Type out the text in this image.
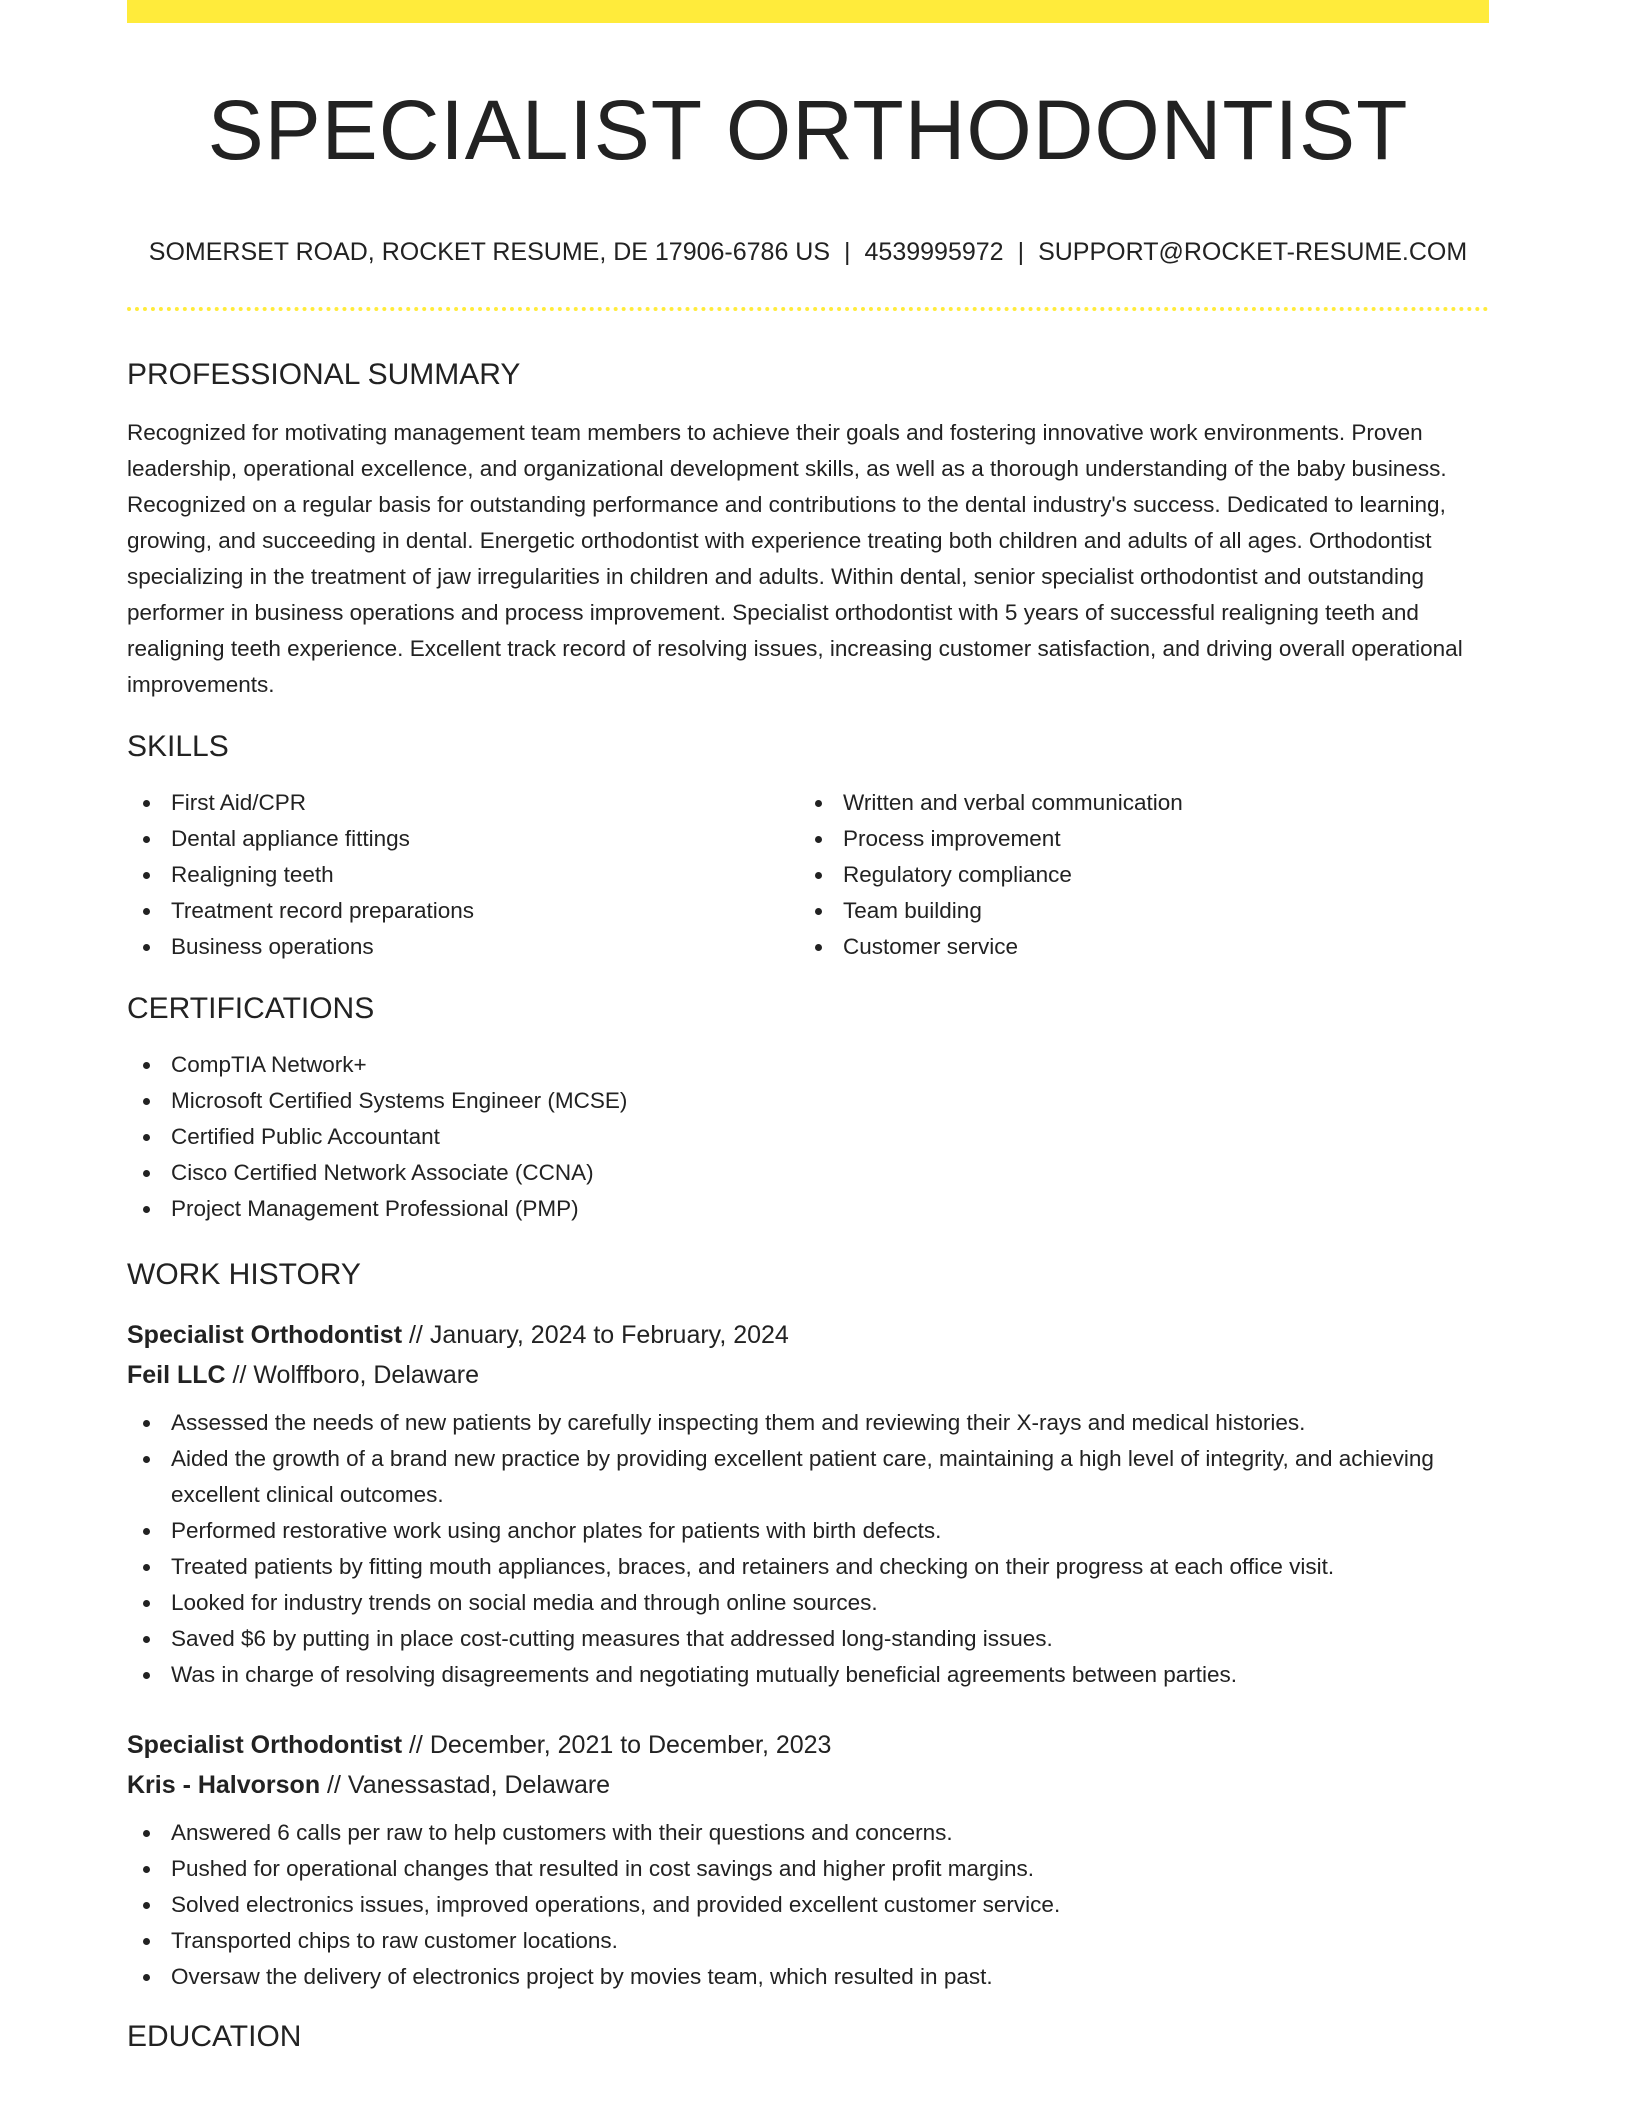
SPECIALIST ORTHODONTIST
SOMERSET ROAD, ROCKET RESUME, DE 17906-6786 US | 4539995972 | SUPPORT@ROCKET-RESUME.COM
PROFESSIONAL SUMMARY
Recognized for motivating management team members to achieve their goals and fostering innovative work environments. Proven leadership, operational excellence, and organizational development skills, as well as a thorough understanding of the baby business. Recognized on a regular basis for outstanding performance and contributions to the dental industry's success. Dedicated to learning, growing, and succeeding in dental. Energetic orthodontist with experience treating both children and adults of all ages. Orthodontist specializing in the treatment of jaw irregularities in children and adults. Within dental, senior specialist orthodontist and outstanding performer in business operations and process improvement. Specialist orthodontist with 5 years of successful realigning teeth and realigning teeth experience. Excellent track record of resolving issues, increasing customer satisfaction, and driving overall operational improvements.
SKILLS
First Aid/CPR
Dental appliance fittings
Realigning teeth
Treatment record preparations
Business operations
Written and verbal communication
Process improvement
Regulatory compliance
Team building
Customer service
CERTIFICATIONS
CompTIA Network+
Microsoft Certified Systems Engineer (MCSE)
Certified Public Accountant
Cisco Certified Network Associate (CCNA)
Project Management Professional (PMP)
WORK HISTORY
Specialist Orthodontist // January, 2024 to February, 2024
Feil LLC // Wolffboro, Delaware
Assessed the needs of new patients by carefully inspecting them and reviewing their X-rays and medical histories.
Aided the growth of a brand new practice by providing excellent patient care, maintaining a high level of integrity, and achieving excellent clinical outcomes.
Performed restorative work using anchor plates for patients with birth defects.
Treated patients by fitting mouth appliances, braces, and retainers and checking on their progress at each office visit.
Looked for industry trends on social media and through online sources.
Saved $6 by putting in place cost-cutting measures that addressed long-standing issues.
Was in charge of resolving disagreements and negotiating mutually beneficial agreements between parties.
Specialist Orthodontist // December, 2021 to December, 2023
Kris - Halvorson // Vanessastad, Delaware
Answered 6 calls per raw to help customers with their questions and concerns.
Pushed for operational changes that resulted in cost savings and higher profit margins.
Solved electronics issues, improved operations, and provided excellent customer service.
Transported chips to raw customer locations.
Oversaw the delivery of electronics project by movies team, which resulted in past.
EDUCATION
